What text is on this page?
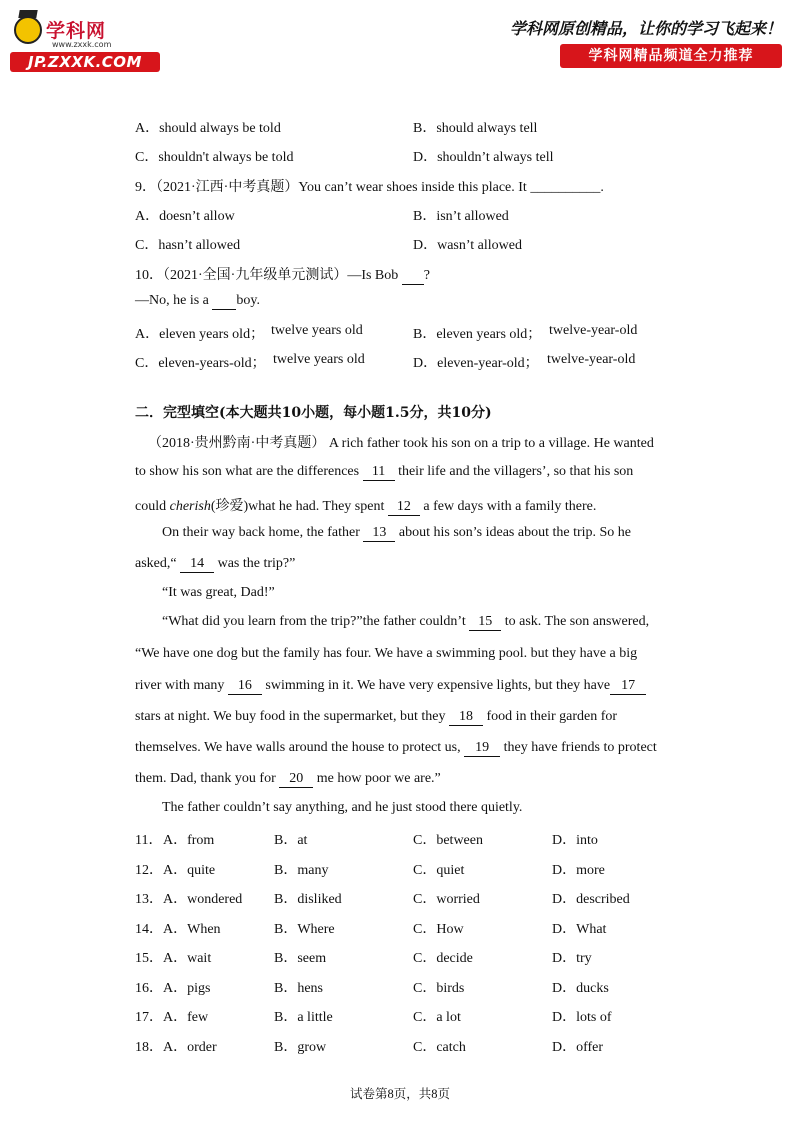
学科网
www.zxxk.com
JP.ZXXK.COM
学科网原创精品，让你的学习飞起来！
学科网精品频道全力推荐
A．should always be told	B．should always tell
C．shouldn't always be told	D．shouldn’t always tell
9．（2021·江西·中考真题）You can’t wear shoes inside this place. It __________.
A．doesn’t allow	B．isn’t allowed
C．hasn’t allowed	D．wasn’t allowed
10．（2021·全国·九年级单元测试）—Is Bob  ?
—No, he is a  boy.
A．eleven years old； twelve years old	B．eleven years old； twelve-year-old
C．eleven-years-old； twelve years old	D．eleven-year-old； twelve-year-old
二．完型填空(本大题共10小题，每小题1.5分，共10分)
（2018·贵州黔南·中考真题） A rich father took his son on a trip to a village. He wanted
to show his son what are the differences 11 their life and the villagers’, so that his son
could cherish(珍爱)what he had. They spent 12 a few days with a family there.
On their way back home, the father 13 about his son’s ideas about the trip. So he
asked,“ 14 was the trip?”
“It was great, Dad!”
“What did you learn from the trip?”the father couldn’t 15 to ask. The son answered,
“We have one dog but the family has four. We have a swimming pool. but they have a big
river with many 16 swimming in it. We have very expensive lights, but they have 17
stars at night. We buy food in the supermarket, but they 18 food in their garden for
themselves. We have walls around the house to protect us, 19 they have friends to protect
them. Dad, thank you for 20 me how poor we are.”
The father couldn’t say anything, and he just stood there quietly.
11． A．from	B．at	C．between	D．into
12． A．quite	B．many	C．quiet	D．more
13． A．wondered B．disliked	C．worried	D．described
14． A．When	B．Where	C．How	D．What
15． A．wait	B．seem	C．decide	D．try
16． A．pigs	B．hens	C．birds	D．ducks
17． A．few	B．a little	C．a lot	D．lots of
18． A．order	B．grow	C．catch	D．offer
试卷第8页，共8页
